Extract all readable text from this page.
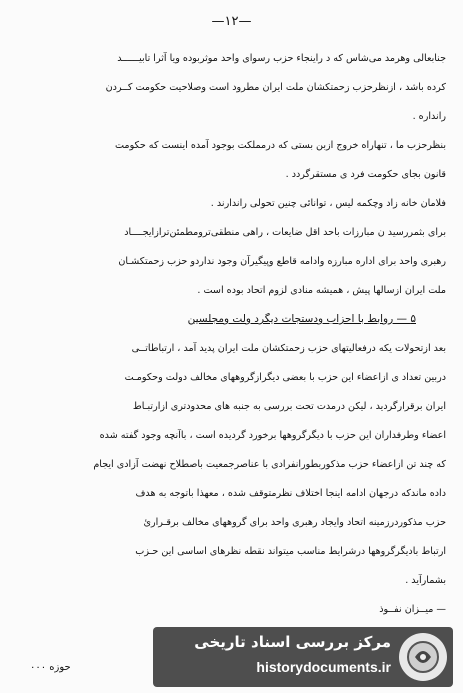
—۱۲—
جنابعالی وهرمد می‌شاس که د راینجاء حزب رسوای واحد موثربوده ویا آثرا تابیــــــد
کرده باشد ، ازنظرحزب زحمتکشان ملت ایران مطرود است وصلاحیت حکومت کــردن
رانداره .
بنظرحزب ما ، تنهاراه خروج ازبن بستی که درمملکت بوجود آمده اینست که حکومت
قانون بجای حکومت فرد ی مستقرگردد .
فلامان خانه زاد وچکمه لیس ، توانائی چنین تحولی راندارند .
برای بثمررسید ن مبارزات باحد اقل ضایعات ، راهی منطقی‌ترومطمئن‌ترازایجــــاد
رهبری واحد برای اداره مبارزه وادامه قاطع وپیگیرآن وجود نداردو حزب زحمتکشـان
ملت ایران ازسالها پیش ، همیشه منادی لزوم اتحاد بوده است .
۵ — روابط با احزاب ودستجات دیگرد ولت ومجلسین
بعد ازتحولات یکه درفعالیتهای حزب زحمتکشان ملت ایران پدید آمد ، ارتباطاتــی
دربین تعداد ی ازاعضاء این حزب با بعضی دیگرازگروههای مخالف دولت وحکومـت
ایران برقرارگردید ، لیکن درمدت تحت بررسی به جنبه های محدودتری ازارتبـاط
اعضاء وطرفداران این حزب با دیگرگروهها برخورد گردیده است ، باآنچه وجود گفته شده
که چند تن ازاعضاء حزب مذکوربطورانفرادی با عناصرجمعیت باصطلاح نهضت آزادی ایجام
داده ماندکه درجهان ادامه اینجا اختلاف نظرمتوقف شده ، معهذا باتوجه به هدف
حزب مذکوردرزمینه اتحاد وایجاد رهبری واحد برای گروههای مخالف برقـرارئ
ارتباط بادیگرگروهها درشرایط مناسب میتواند نقطه نظرهای اساسی این حـزب
بشمارآید .
— میــزان نفــوذ
حوزه ۰۰۰
مرکز بررسی اسناد تاریخی
historydocuments.ir
